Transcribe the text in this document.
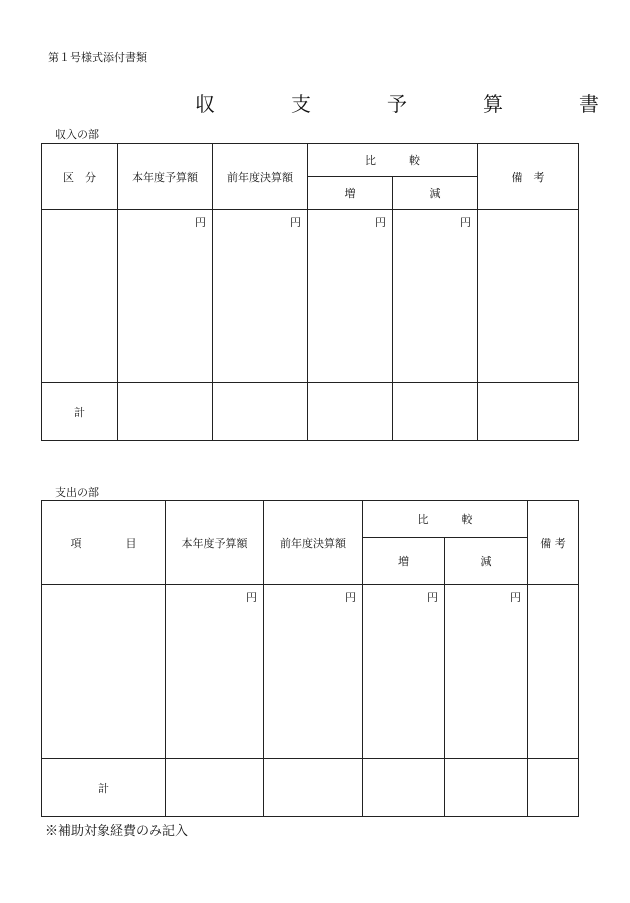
第１号様式添付書類
収　支　予　算　書
収入の部
区　分	本年度予算額	前年度決算額	比　　　較		備　考
			増	減	
	円	円	円	円	
計					
支出の部
項　　　　目	本年度予算額	前年度決算額	比　　　較		備 考
			増	減	
	円	円	円	円	
計					
※補助対象経費のみ記入
